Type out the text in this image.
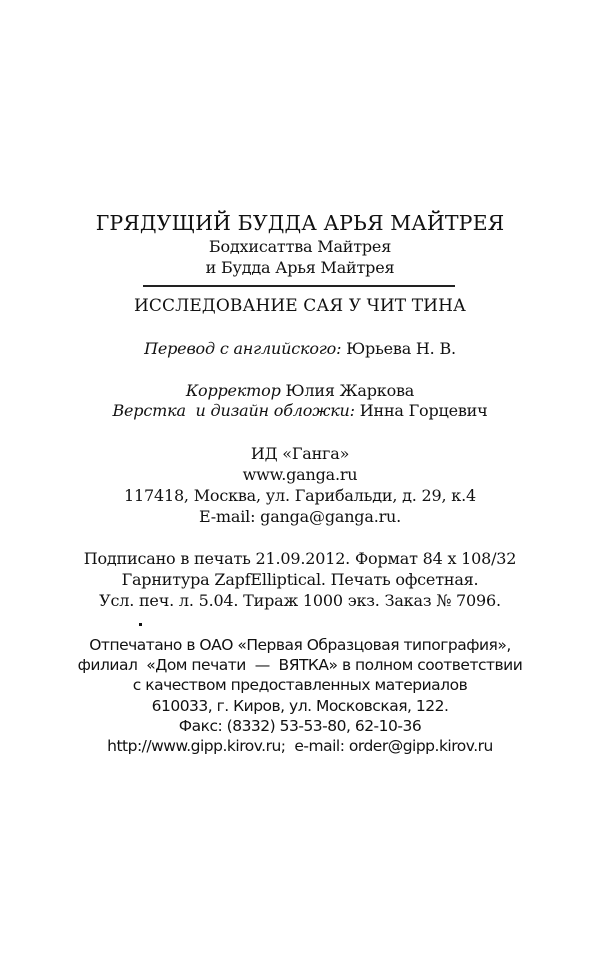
ГРЯДУЩИЙ БУДДА АРЬЯ МАЙТРЕЯ
Бодхисаттва Майтрея
и Будда Арья Майтрея
ИССЛЕДОВАНИЕ САЯ У ЧИТ ТИНА
Перевод с английского: Юрьева Н. В.
Корректор Юлия Жаркова
Верстка  и дизайн обложки: Инна Горцевич
ИД «Ганга»
www.ganga.ru
117418, Москва, ул. Гарибальди, д. 29, к.4
E-mail: ganga@ganga.ru.
Подписано в печать 21.09.2012. Формат 84 x 108/32
Гарнитура ZapfElliptical. Печать офсетная.
Усл. печ. л. 5.04. Тираж 1000 экз. Заказ № 7096.
Отпечатано в ОАО «Первая Образцовая типография»,
филиал  «Дом печати  —  ВЯТКА» в полном соответствии
с качеством предоставленных материалов
610033, г. Киров, ул. Московская, 122.
Факс: (8332) 53-53-80, 62-10-36
http://www.gipp.kirov.ru;  e-mail: order@gipp.kirov.ru
